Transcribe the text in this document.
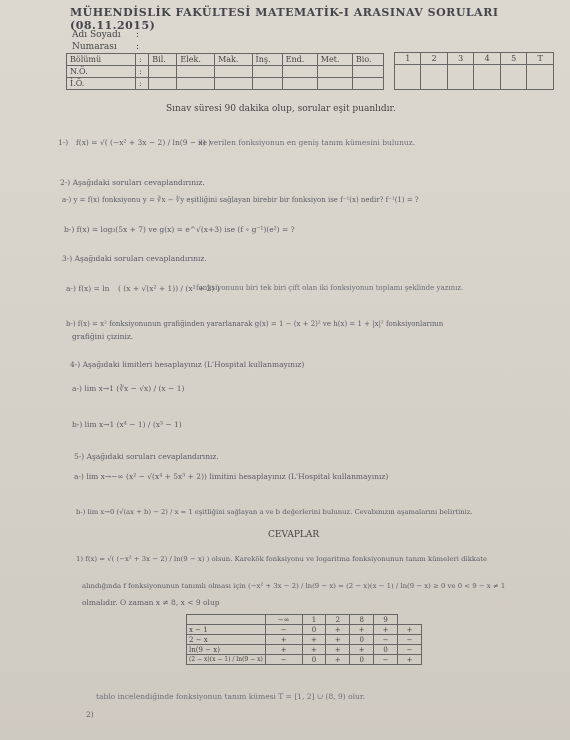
MÜHENDİSLİK FAKÜLTESİ MATEMATİK-I ARASINAV SORULARI (08.11.2015)
Adı Soyadı :
Numarası :
Bölümü	:	Bil.	Elek.	Mak.	İnş.	End.	Met.	Bio.
N.Ö.	:							
İ.Ö.	:							
1	2	3	4	5	T

Sınav süresi 90 dakika olup, sorular eşit puanlıdır.
1-) f(x) = √( (−x² + 3x − 2) / ln(9 − x) )
ile verilen fonksiyonun en geniş tanım kümesini bulunuz.
2-) Aşağıdaki soruları cevaplandırınız.
a-) y = f(x) fonksiyonu y = ∛x − ∜y eşitliğini sağlayan birebir bir fonksiyon ise f⁻¹(x) nedir? f⁻¹(1) = ?
b-) f(x) = log₃(5x + 7) ve g(x) = e^√(x+3) ise (f ∘ g⁻¹)(e²) = ?
3-) Aşağıdaki soruları cevaplandırınız.
a-) f(x) = ln ( (x + √(x² + 1)) / (x² + 2) )
fonksiyonunu biri tek biri çift olan iki fonksiyonun toplamı şeklinde yazınız.
b-) f(x) = x² fonksiyonunun grafiğinden yararlanarak g(x) = 1 − (x + 2)² ve h(x) = 1 + |x|² fonksiyonlarının
grafiğini çiziniz.
4-) Aşağıdaki limitleri hesaplayınız (L'Hospital kullanmayınız)
a-) lim x→1 (∛x − √x) / (x − 1)
b-) lim x→1 (x⁴ − 1) / (x³ − 1)
5-) Aşağıdaki soruları cevaplandırınız.
a-) lim x→−∞ (x² − √(x⁴ + 5x³ + 2)) limitini hesaplayınız (L'Hospital kullanmayınız)
b-) lim x→0 (√(ax + b) − 2) / x = 1 eşitliğini sağlayan a ve b değerlerini bulunuz. Cevabınızın aşamalarını belirtiniz.
CEVAPLAR
1) f(x) = √( (−x² + 3x − 2) / ln(9 − x) ) olsun. Karekök fonksiyonu ve logaritma fonksiyonunun tanım kümeleri dikkate
alındığında f fonksiyonunun tanımlı olması için (−x² + 3x − 2) / ln(9 − x) = (2 − x)(x − 1) / ln(9 − x) ≥ 0 ve 0 < 9 − x ≠ 1
olmalıdır. O zaman x ≠ 8, x < 9 olup
	−∞	1	2	8	9	
x − 1	−	0	+	+	+	+
2 − x	+	+	+	0	−	−
ln(9 − x)	+	+	+	+	0	−
(2 − x)(x − 1) / ln(9 − x)	−	0	+	0	−	+
tablo incelendiğinde fonksiyonun tanım kümesi T = [1, 2] ∪ (8, 9) olur.
2)
